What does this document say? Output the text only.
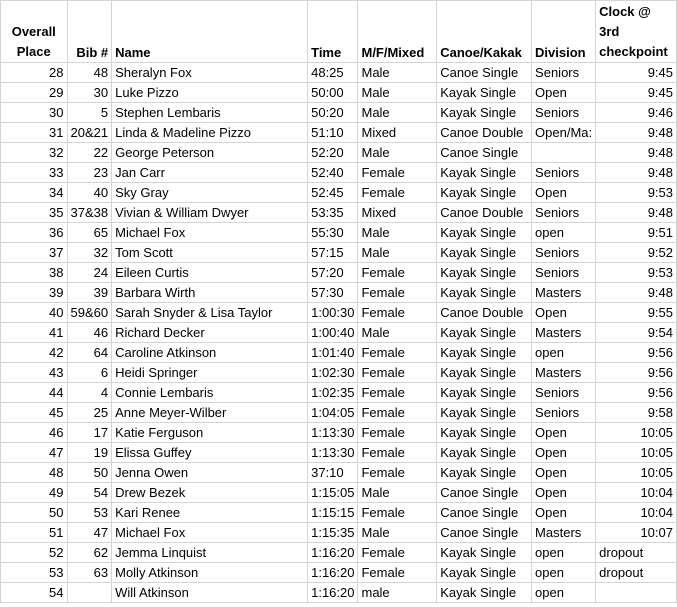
Overall Place	Bib #	Name	Time	M/F/Mixed	Canoe/Kakak	Division	Clock @ 3rd checkpoint
28	48	Sheralyn Fox	48:25	Male	Canoe Single	Seniors	9:45
29	30	Luke Pizzo	50:00	Male	Kayak Single	Open	9:45
30	5	Stephen Lembaris	50:20	Male	Kayak Single	Seniors	9:46
31	20&21	Linda & Madeline Pizzo	51:10	Mixed	Canoe Double	Open/Ma:	9:48
32	22	George Peterson	52:20	Male	Canoe Single		9:48
33	23	Jan Carr	52:40	Female	Kayak Single	Seniors	9:48
34	40	Sky Gray	52:45	Female	Kayak Single	Open	9:53
35	37&38	Vivian & William Dwyer	53:35	Mixed	Canoe Double	Seniors	9:48
36	65	Michael Fox	55:30	Male	Kayak Single	open	9:51
37	32	Tom Scott	57:15	Male	Kayak Single	Seniors	9:52
38	24	Eileen Curtis	57:20	Female	Kayak Single	Seniors	9:53
39	39	Barbara Wirth	57:30	Female	Kayak Single	Masters	9:48
40	59&60	Sarah Snyder & Lisa Taylor	1:00:30	Female	Canoe Double	Open	9:55
41	46	Richard Decker	1:00:40	Male	Kayak Single	Masters	9:54
42	64	Caroline Atkinson	1:01:40	Female	Kayak Single	open	9:56
43	6	Heidi Springer	1:02:30	Female	Kayak Single	Masters	9:56
44	4	Connie Lembaris	1:02:35	Female	Kayak Single	Seniors	9:56
45	25	Anne Meyer-Wilber	1:04:05	Female	Kayak Single	Seniors	9:58
46	17	Katie Ferguson	1:13:30	Female	Kayak Single	Open	10:05
47	19	Elissa Guffey	1:13:30	Female	Kayak Single	Open	10:05
48	50	Jenna Owen	37:10	Female	Kayak Single	Open	10:05
49	54	Drew Bezek	1:15:05	Male	Canoe Single	Open	10:04
50	53	Kari Renee	1:15:15	Female	Canoe Single	Open	10:04
51	47	Michael Fox	1:15:35	Male	Canoe Single	Masters	10:07
52	62	Jemma Linquist	1:16:20	Female	Kayak Single	open	dropout
53	63	Molly Atkinson	1:16:20	Female	Kayak Single	open	dropout
54		Will Atkinson	1:16:20	male	Kayak Single	open	
